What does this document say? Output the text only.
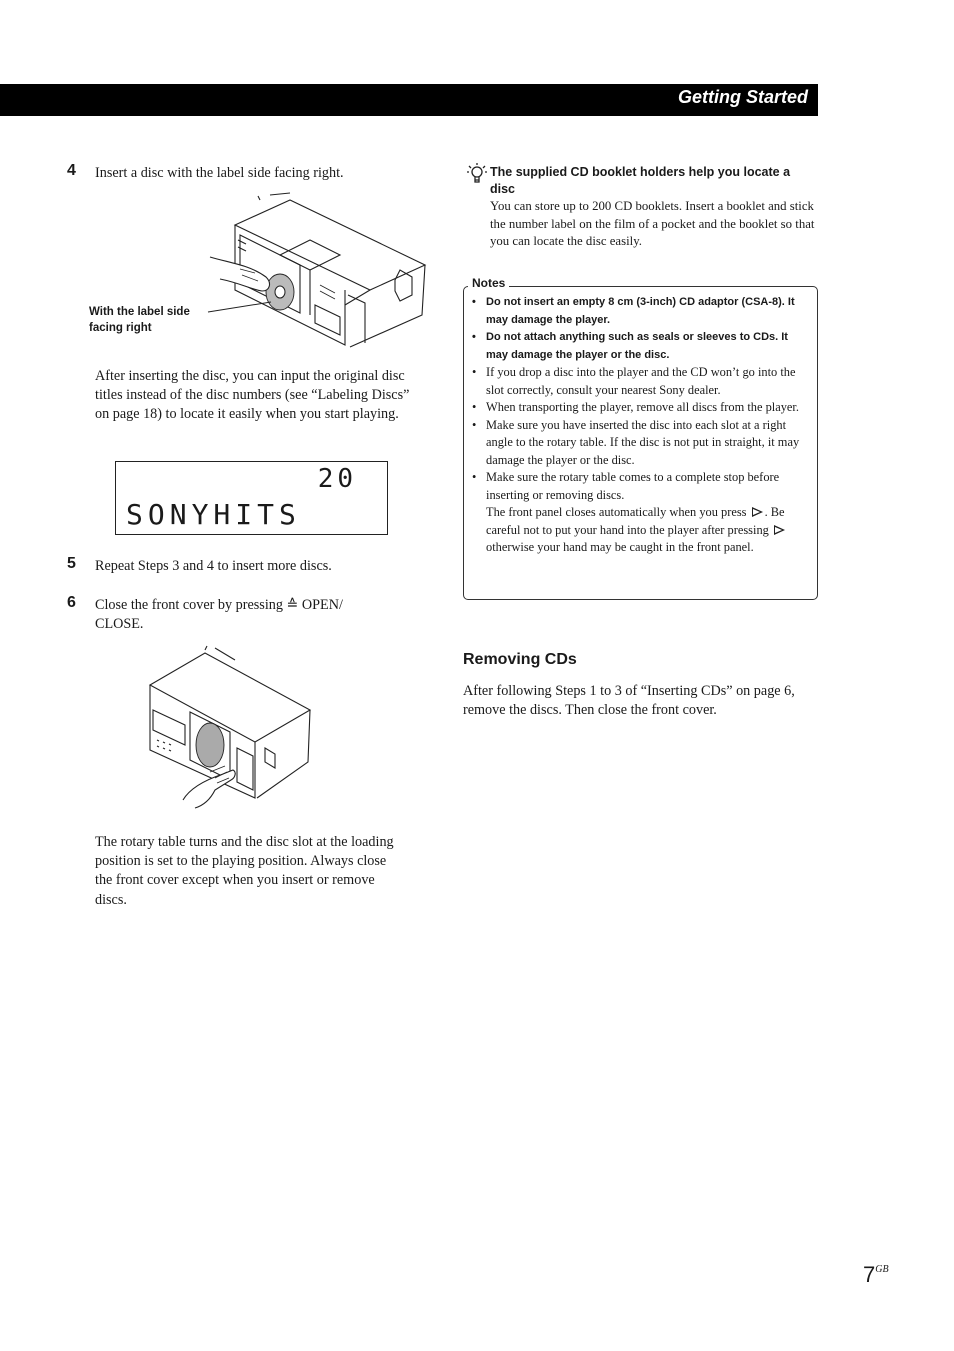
Getting Started
4 Insert a disc with the label side facing right.
With the label side facing right
After inserting the disc, you can input the original disc titles instead of the disc numbers (see “Labeling Discs” on page 18) to locate it easily when you start playing.
20
SONYHITS
5 Repeat Steps 3 and 4 to insert more discs.
6 Close the front cover by pressing ≙ OPEN/ CLOSE.
The rotary table turns and the disc slot at the loading position is set to the playing position. Always close the front cover except when you insert or remove discs.
The supplied CD booklet holders help you locate a disc
You can store up to 200 CD booklets. Insert a booklet and stick the number label on the film of a pocket and the booklet so that you can locate the disc easily.
Notes
• Do not insert an empty 8 cm (3-inch) CD adaptor (CSA-8). It may damage the player.
• Do not attach anything such as seals or sleeves to CDs. It may damage the player or the disc.
• If you drop a disc into the player and the CD won’t go into the slot correctly, consult your nearest Sony dealer.
• When transporting the player, remove all discs from the player.
• Make sure you have inserted the disc into each slot at a right angle to the rotary table. If the disc is not put in straight, it may damage the player or the disc.
• Make sure the rotary table comes to a complete stop before inserting or removing discs.
The front panel closes automatically when you press . Be careful not to put your hand into the player after pressing  otherwise your hand may be caught in the front panel.
Removing CDs
After following Steps 1 to 3 of “Inserting CDs” on page 6, remove the discs. Then close the front cover.
$7^{GB}$
